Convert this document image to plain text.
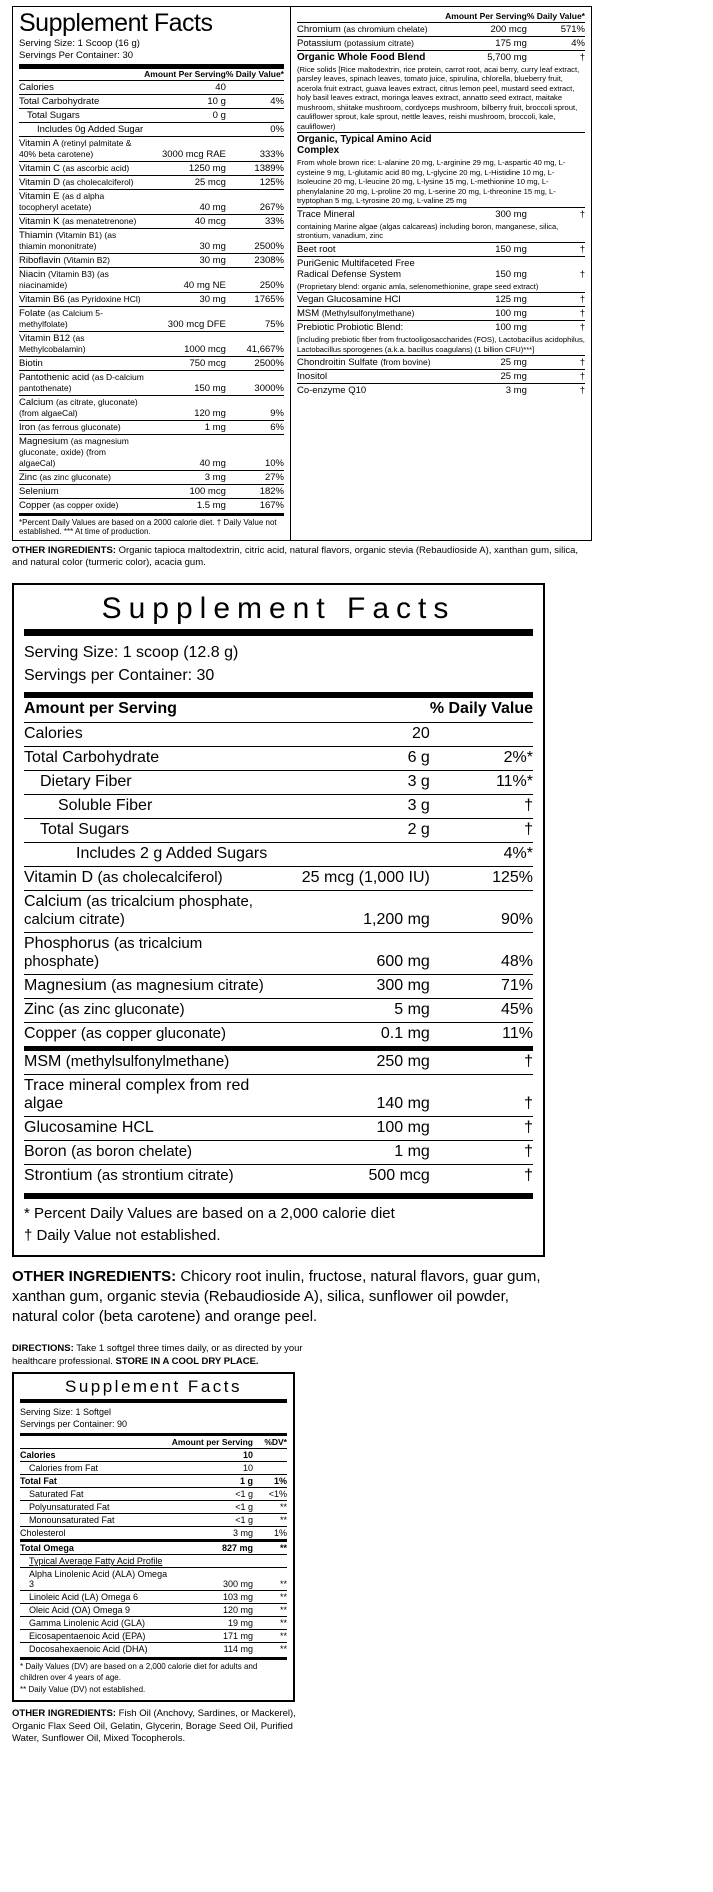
Supplement Facts
Serving Size: 1 Scoop (16 g)
Servings Per Container: 30
	Amount Per Serving	% Daily Value*
Calories	40	
Total Carbohydrate	10 g	4%
Total Sugars	0 g	
Includes 0g Added Sugar		0%
Vitamin A (retinyl palmitate & 40% beta carotene)	3000 mcg RAE	333%
Vitamin C (as ascorbic acid)	1250 mg	1389%
Vitamin D (as cholecalciferol)	25 mcg	125%
Vitamin E (as d alpha tocopheryl acetate)	40 mg	267%
Vitamin K (as menatetrenone)	40 mcg	33%
Thiamin (Vitamin B1) (as thiamin mononitrate)	30 mg	2500%
Riboflavin (Vitamin B2)	30 mg	2308%
Niacin (Vitamin B3) (as niacinamide)	40 mg NE	250%
Vitamin B6 (as Pyridoxine HCl)	30 mg	1765%
Folate (as Calcium 5-methylfolate)	300 mcg DFE	75%
Vitamin B12 (as Methylcobalamin)	1000 mcg	41,667%
Biotin	750 mcg	2500%
Pantothenic acid (as D-calcium pantothenate)	150 mg	3000%
Calcium (as citrate, gluconate) (from algaeCal)	120 mg	9%
Iron (as ferrous gluconate)	1 mg	6%
Magnesium (as magnesium gluconate, oxide) (from algaeCal)	40 mg	10%
Zinc (as zinc gluconate)	3 mg	27%
Selenium	100 mcg	182%
Copper (as copper oxide)	1.5 mg	167%
*Percent Daily Values are based on a 2000 calorie diet. † Daily Value not established. *** At time of production.
	Amount Per Serving	% Daily Value*
Chromium (as chromium chelate)	200 mcg	571%
Potassium (potassium citrate)	175 mg	4%
Organic Whole Food Blend	5,700 mg	†
(Rice solids [Rice maltodextrin, rice protein, carrot root, acai berry, curry leaf extract, parsley leaves, spinach leaves, tomato juice, spirulina, chlorella, blueberry fruit, acerola fruit extract, guava leaves extract, citrus lemon peel, mustard seed extract, holy basil leaves extract, moringa leaves extract, annatto seed extract, maitake mushroom, shiitake mushroom, cordyceps mushroom, bilberry fruit, broccoli sprout, cauliflower sprout, kale sprout, nettle leaves, reishi mushroom, broccoli, kale, cauliflower)		
Organic, Typical Amino Acid Complex		
From whole brown rice: L-alanine 20 mg, L-arginine 29 mg, L-aspartic 40 mg, L-cysteine 9 mg, L-glutamic acid 80 mg, L-glycine 20 mg, L-Histidine 10 mg, L-Isoleucine 20 mg, L-leucine 20 mg, L-lysine 15 mg, L-methionine 10 mg, L-phenylalanine 20 mg, L-proline 20 mg, L-serine 20 mg, L-threonine 15 mg, L-tryptophan 5 mg, L-tyrosine 20 mg, L-valine 25 mg		
Trace Mineral	300 mg	†
containing Marine algae (algas calcareas) including boron, manganese, silica, strontium, vanadium, zinc		
Beet root	150 mg	†
PuriGenic Multifaceted Free Radical Defense System	150 mg	†
(Proprietary blend: organic amla, selenomethionine, grape seed extract)		
Vegan Glucosamine HCl	125 mg	†
MSM (Methylsulfonylmethane)	100 mg	†
Prebiotic Probiotic Blend:	100 mg	†
[including prebiotic fiber from fructooligosaccharides (FOS), Lactobacillus acidophilus, Lactobacillus sporogenes (a.k.a. bacillus coagulans) (1 billion CFU)***]		
Chondroitin Sulfate (from bovine)	25 mg	†
Inositol	25 mg	†
Co-enzyme Q10	3 mg	†
OTHER INGREDIENTS: Organic tapioca maltodextrin, citric acid, natural flavors, organic stevia (Rebaudioside A), xanthan gum, silica, and natural color (turmeric color), acacia gum.
Supplement Facts
Serving Size: 1 scoop (12.8 g)
Servings per Container: 30
Amount per Serving		% Daily Value
Calories	20	
Total Carbohydrate	6 g	2%*
Dietary Fiber	3 g	11%*
Soluble Fiber	3 g	†
Total Sugars	2 g	†
Includes 2 g Added Sugars		4%*
Vitamin D (as cholecalciferol)	25 mcg (1,000 IU)	125%
Calcium (as tricalcium phosphate, calcium citrate)	1,200 mg	90%
Phosphorus (as tricalcium phosphate)	600 mg	48%
Magnesium (as magnesium citrate)	300 mg	71%
Zinc (as zinc gluconate)	5 mg	45%
Copper (as copper gluconate)	0.1 mg	11%
MSM (methylsulfonylmethane)	250 mg	†
Trace mineral complex from red algae	140 mg	†
Glucosamine HCL	100 mg	†
Boron (as boron chelate)	1 mg	†
Strontium (as strontium citrate)	500 mcg	†
* Percent Daily Values are based on a 2,000 calorie diet
† Daily Value not established.
OTHER INGREDIENTS: Chicory root inulin, fructose, natural flavors, guar gum, xanthan gum, organic stevia (Rebaudioside A), silica, sunflower oil powder, natural color (beta carotene) and orange peel.
DIRECTIONS: Take 1 softgel three times daily, or as directed by your healthcare professional. STORE IN A COOL DRY PLACE.
Supplement Facts
Serving Size: 1 Softgel
Servings per Container: 90
	Amount per Serving	%DV*
Calories	10	
Calories from Fat	10	
Total Fat	1 g	1%
Saturated Fat	<1 g	<1%
Polyunsaturated Fat	<1 g	**
Monounsaturated Fat	<1 g	**
Cholesterol	3 mg	1%
Total Omega	827 mg	**
Typical Average Fatty Acid Profile		
Alpha Linolenic Acid (ALA) Omega 3	300 mg	**
Linoleic Acid (LA) Omega 6	103 mg	**
Oleic Acid (OA) Omega 9	120 mg	**
Gamma Linolenic Acid (GLA)	19 mg	**
Eicosapentaenoic Acid (EPA)	171 mg	**
Docosahexaenoic Acid (DHA)	114 mg	**
* Daily Values (DV) are based on a 2,000 calorie diet for adults and children over 4 years of age.
** Daily Value (DV) not established.
OTHER INGREDIENTS: Fish Oil (Anchovy, Sardines, or Mackerel), Organic Flax Seed Oil, Gelatin, Glycerin, Borage Seed Oil, Purified Water, Sunflower Oil, Mixed Tocopherols.
